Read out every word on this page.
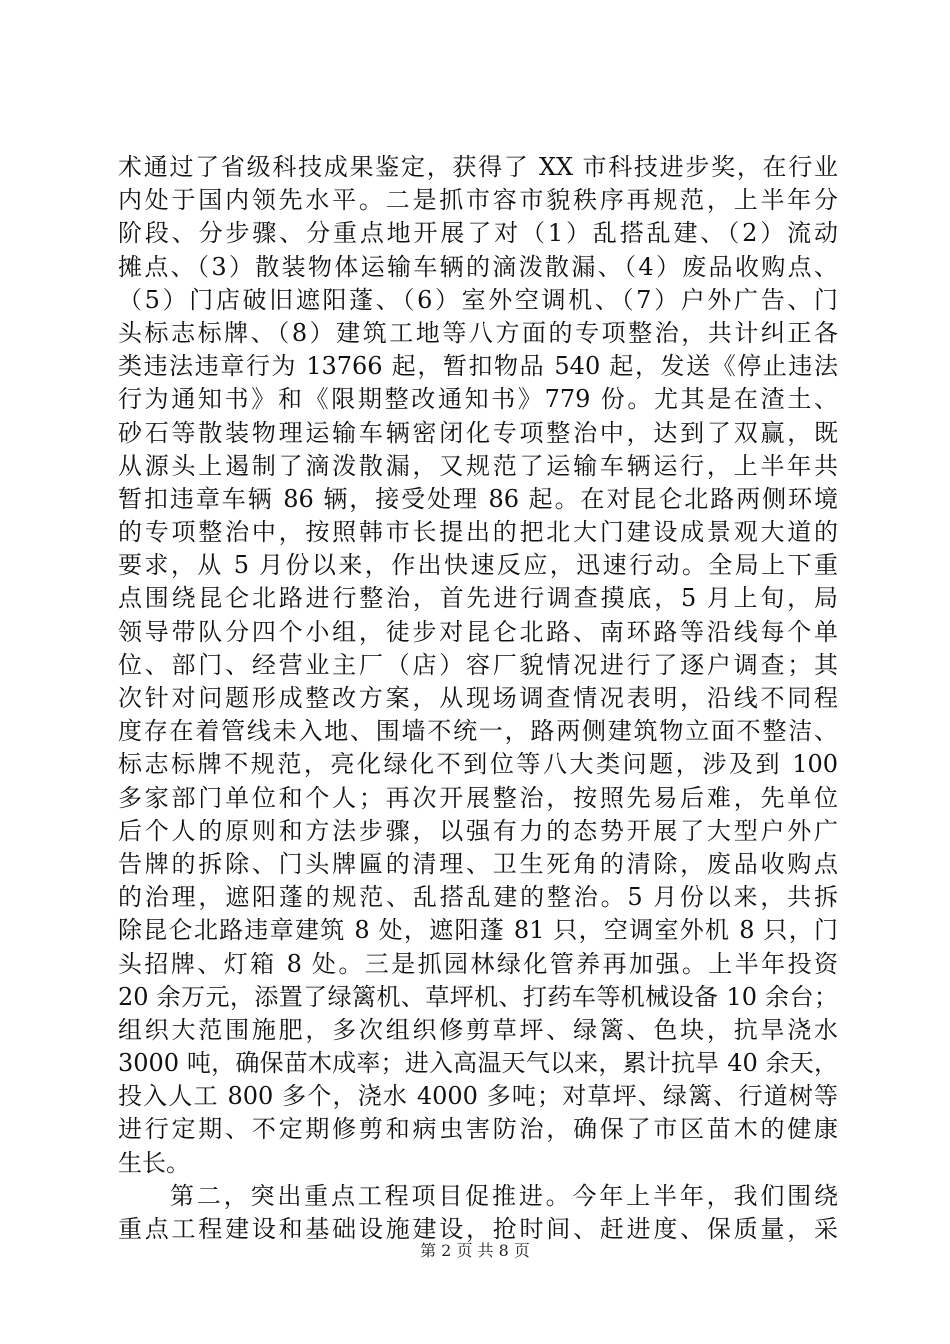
术通过了省级科技成果鉴定，获得了 XX 市科技进步奖，在行业
内处于国内领先水平。二是抓市容市貌秩序再规范，上半年分
阶段、分步骤、分重点地开展了对（1）乱搭乱建、（2）流动
摊点、（3）散装物体运输车辆的滴泼散漏、（4）废品收购点、
（5）门店破旧遮阳蓬、（6）室外空调机、（7）户外广告、门
头标志标牌、（8）建筑工地等八方面的专项整治，共计纠正各
类违法违章行为 13766 起，暂扣物品 540 起，发送《停止违法
行为通知书》和《限期整改通知书》779 份。尤其是在渣土、
砂石等散装物理运输车辆密闭化专项整治中，达到了双赢，既
从源头上遏制了滴泼散漏，又规范了运输车辆运行，上半年共
暂扣违章车辆 86 辆，接受处理 86 起。在对昆仑北路两侧环境
的专项整治中，按照韩市长提出的把北大门建设成景观大道的
要求，从 5 月份以来，作出快速反应，迅速行动。全局上下重
点围绕昆仑北路进行整治，首先进行调查摸底，5 月上旬，局
领导带队分四个小组，徒步对昆仑北路、南环路等沿线每个单
位、部门、经营业主厂（店）容厂貌情况进行了逐户调查；其
次针对问题形成整改方案，从现场调查情况表明，沿线不同程
度存在着管线未入地、围墙不统一，路两侧建筑物立面不整洁、
标志标牌不规范，亮化绿化不到位等八大类问题，涉及到 100
多家部门单位和个人；再次开展整治，按照先易后难，先单位
后个人的原则和方法步骤，以强有力的态势开展了大型户外广
告牌的拆除、门头牌匾的清理、卫生死角的清除，废品收购点
的治理，遮阳蓬的规范、乱搭乱建的整治。5 月份以来，共拆
除昆仑北路违章建筑 8 处，遮阳蓬 81 只，空调室外机 8 只，门
头招牌、灯箱 8 处。三是抓园林绿化管养再加强。上半年投资
20 余万元，添置了绿篱机、草坪机、打药车等机械设备 10 余台；
组织大范围施肥，多次组织修剪草坪、绿篱、色块，抗旱浇水
3000 吨，确保苗木成率；进入高温天气以来，累计抗旱 40 余天，
投入人工 800 多个，浇水 4000 多吨；对草坪、绿篱、行道树等
进行定期、不定期修剪和病虫害防治，确保了市区苗木的健康
生长。
第二，突出重点工程项目促推进。今年上半年，我们围绕
重点工程建设和基础设施建设，抢时间、赶进度、保质量，采
第 2 页 共 8 页
